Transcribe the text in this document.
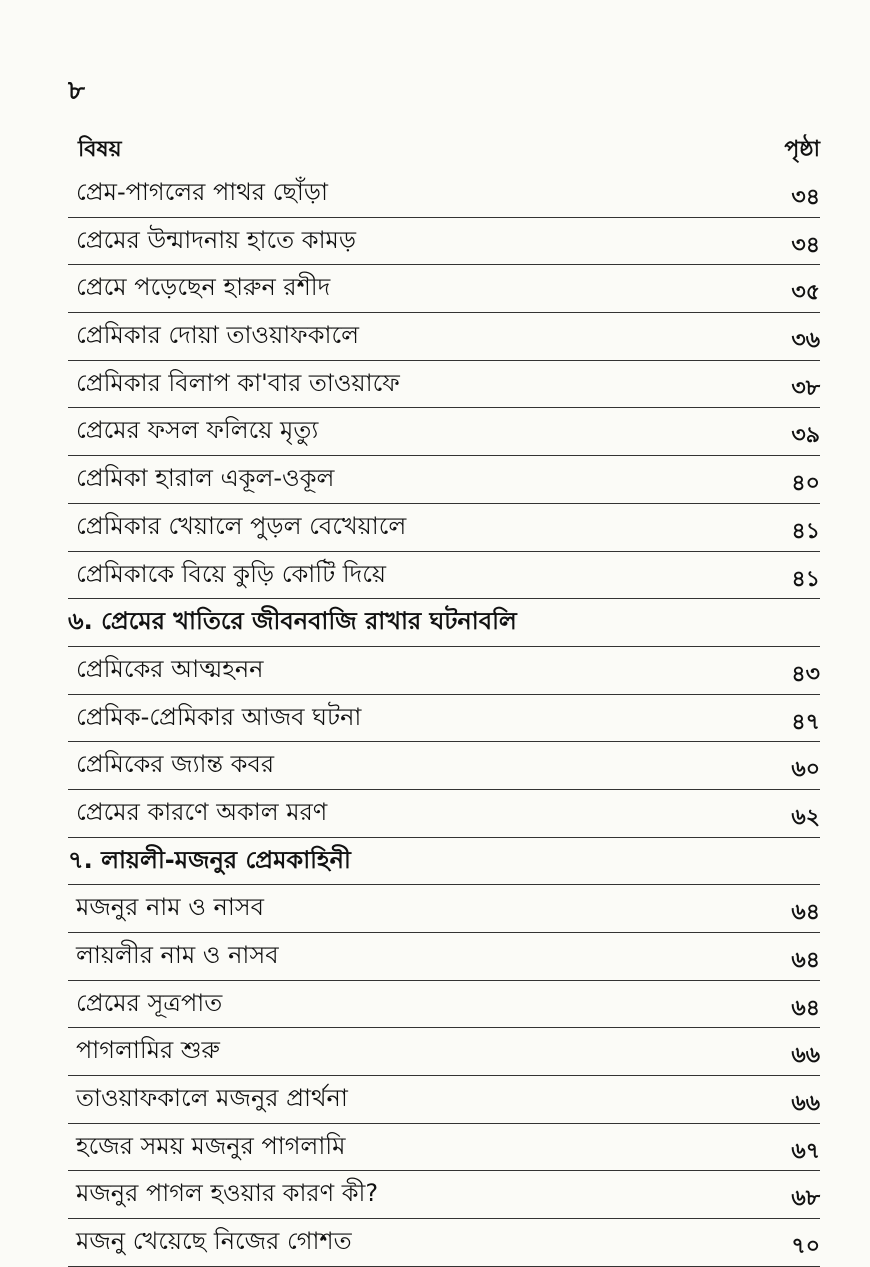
৮
বিষয়	পৃষ্ঠা
প্রেম-পাগলের পাথর ছোঁড়া	৩৪
প্রেমের উন্মাদনায় হাতে কামড়	৩৪
প্রেমে পড়েছেন হারুন রশীদ	৩৫
প্রেমিকার দোয়া তাওয়াফকালে	৩৬
প্রেমিকার বিলাপ কা'বার তাওয়াফে	৩৮
প্রেমের ফসল ফলিয়ে মৃত্যু	৩৯
প্রেমিকা হারাল একূল-ওকূল	৪০
প্রেমিকার খেয়ালে পুড়ল বেখেয়ালে	৪১
প্রেমিকাকে বিয়ে কুড়ি কোটি দিয়ে	৪১
৬. প্রেমের খাতিরে জীবনবাজি রাখার ঘটনাবলি
প্রেমিকের আত্মহনন	৪৩
প্রেমিক-প্রেমিকার আজব ঘটনা	৪৭
প্রেমিকের জ্যান্ত কবর	৬০
প্রেমের কারণে অকাল মরণ	৬২
৭. লায়লী-মজনুর প্রেমকাহিনী
মজনুর নাম ও নাসব	৬৪
লায়লীর নাম ও নাসব	৬৪
প্রেমের সূত্রপাত	৬৪
পাগলামির শুরু	৬৬
তাওয়াফকালে মজনুর প্রার্থনা	৬৬
হজের সময় মজনুর পাগলামি	৬৭
মজনুর পাগল হওয়ার কারণ কী?	৬৮
মজনু খেয়েছে নিজের গোশত	৭০
